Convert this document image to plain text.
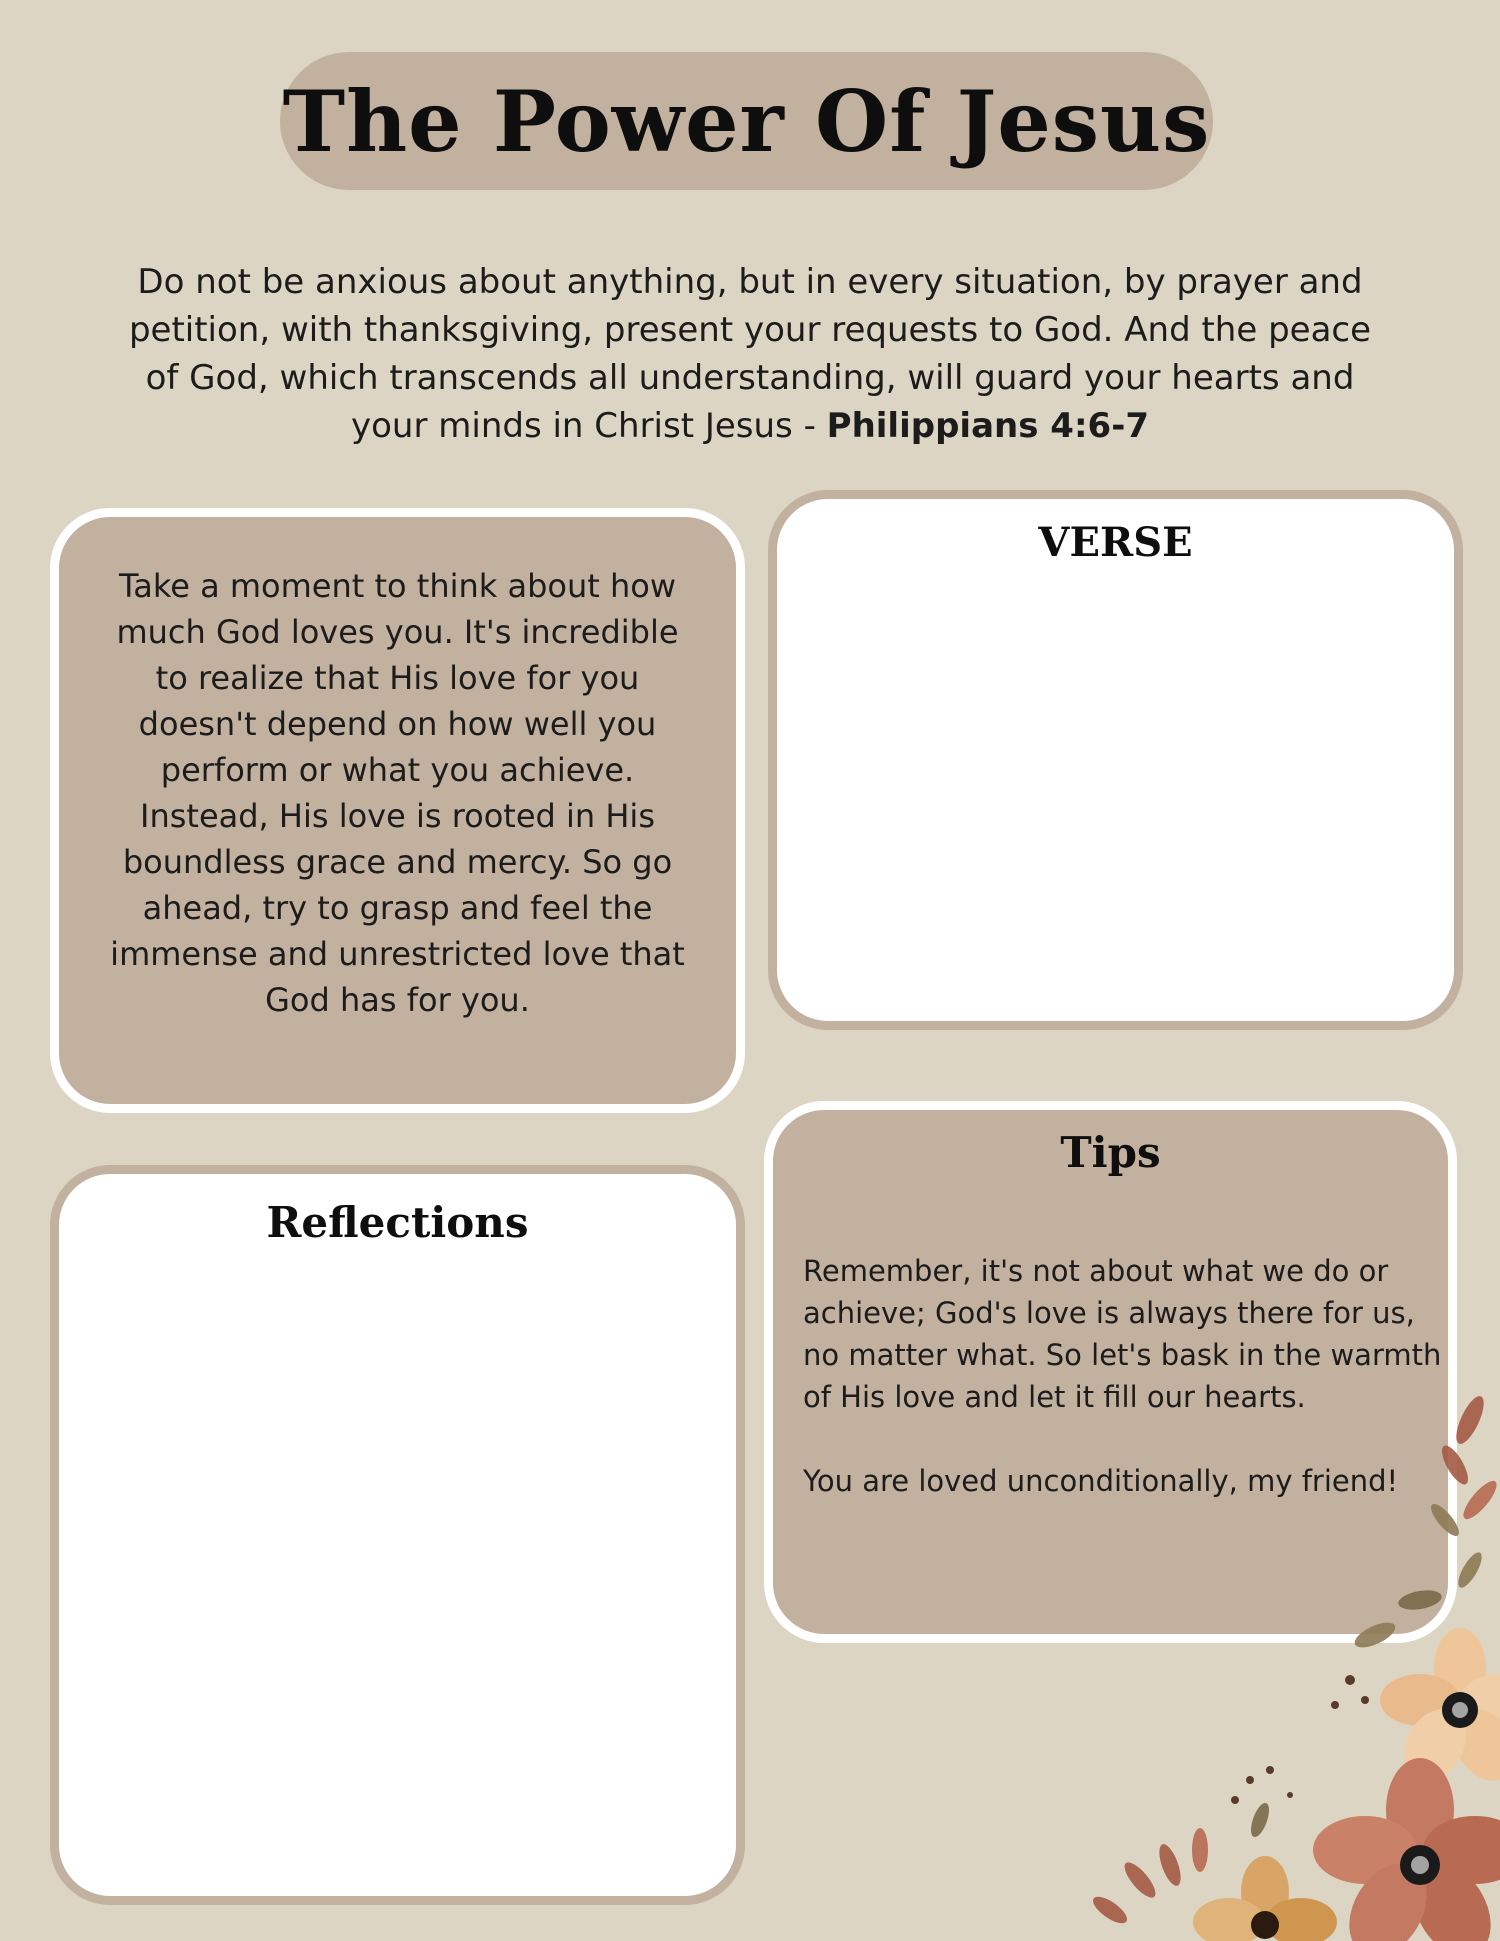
The Power Of Jesus
Do not be anxious about anything, but in every situation, by prayer and petition, with thanksgiving, present your requests to God. And the peace of God, which transcends all understanding, will guard your hearts and your minds in Christ Jesus - Philippians 4:6-7
Take a moment to think about how much God loves you. It's incredible to realize that His love for you doesn't depend on how well you perform or what you achieve. Instead, His love is rooted in His boundless grace and mercy. So go ahead, try to grasp and feel the immense and unrestricted love that God has for you.
VERSE
Reflections
Tips

Remember, it's not about what we do or achieve; God's love is always there for us, no matter what. So let's bask in the warmth of His love and let it fill our hearts.

You are loved unconditionally, my friend!
